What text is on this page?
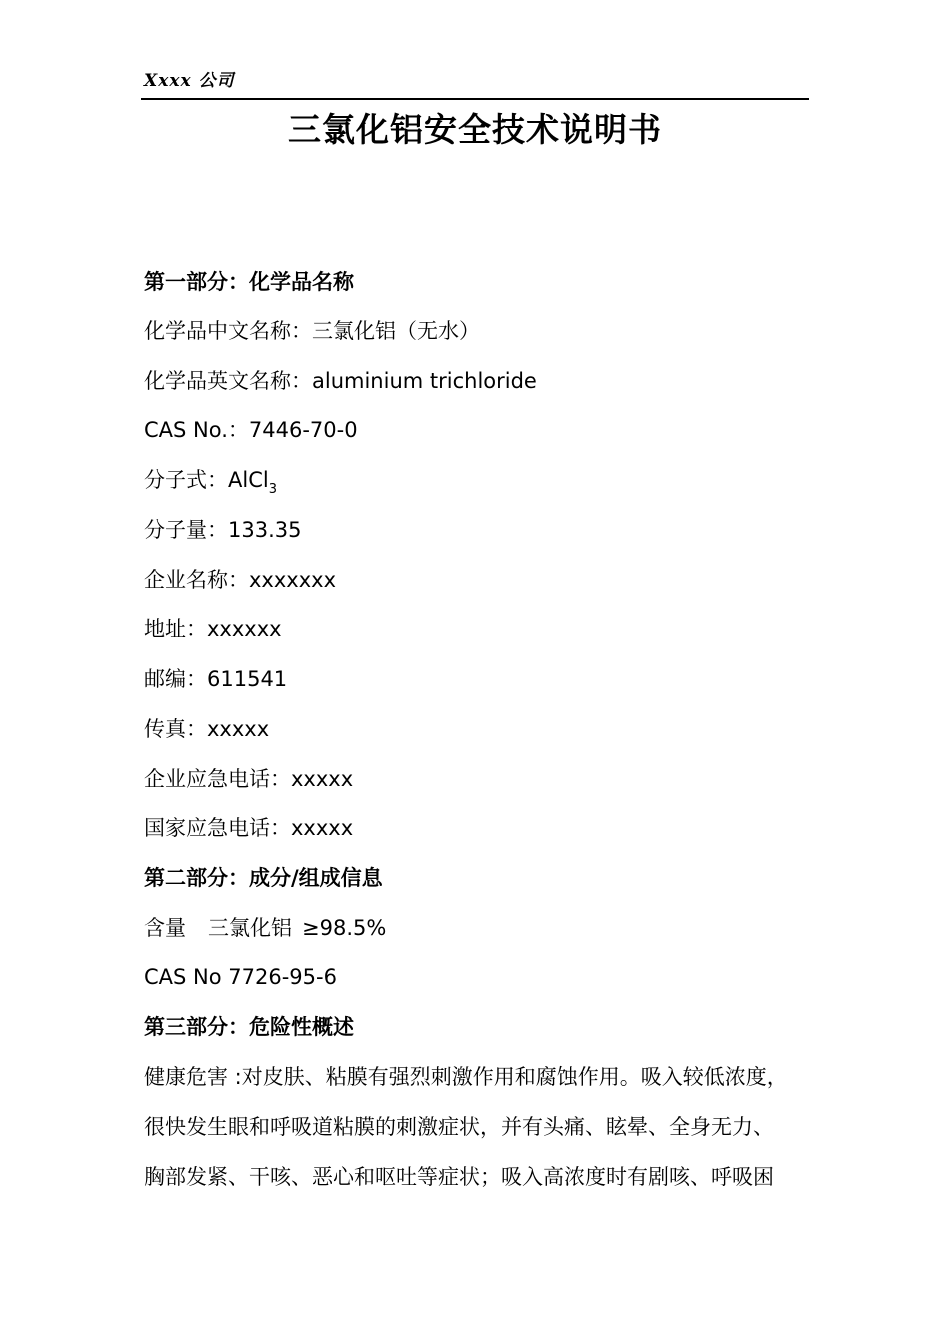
Xxxx 公司
三氯化铝安全技术说明书
第一部分：化学品名称
化学品中文名称：三氯化铝（无水）
化学品英文名称：aluminium trichloride
CAS No.：7446-70-0
分子式：AlCl$_3$
分子量：133.35
企业名称：xxxxxxx
地址：xxxxxx
邮编：611541
传真：xxxxx
企业应急电话：xxxxx
国家应急电话：xxxxx
第二部分：成分/组成信息
含量 三氯化铝 ≥98.5%
CAS No 7726-95-6
第三部分：危险性概述
健康危害 :对皮肤、粘膜有强烈刺激作用和腐蚀作用。吸入较低浓度，
很快发生眼和呼吸道粘膜的刺激症状，并有头痛、眩晕、全身无力、
胸部发紧、干咳、恶心和呕吐等症状；吸入高浓度时有剧咳、呼吸困
